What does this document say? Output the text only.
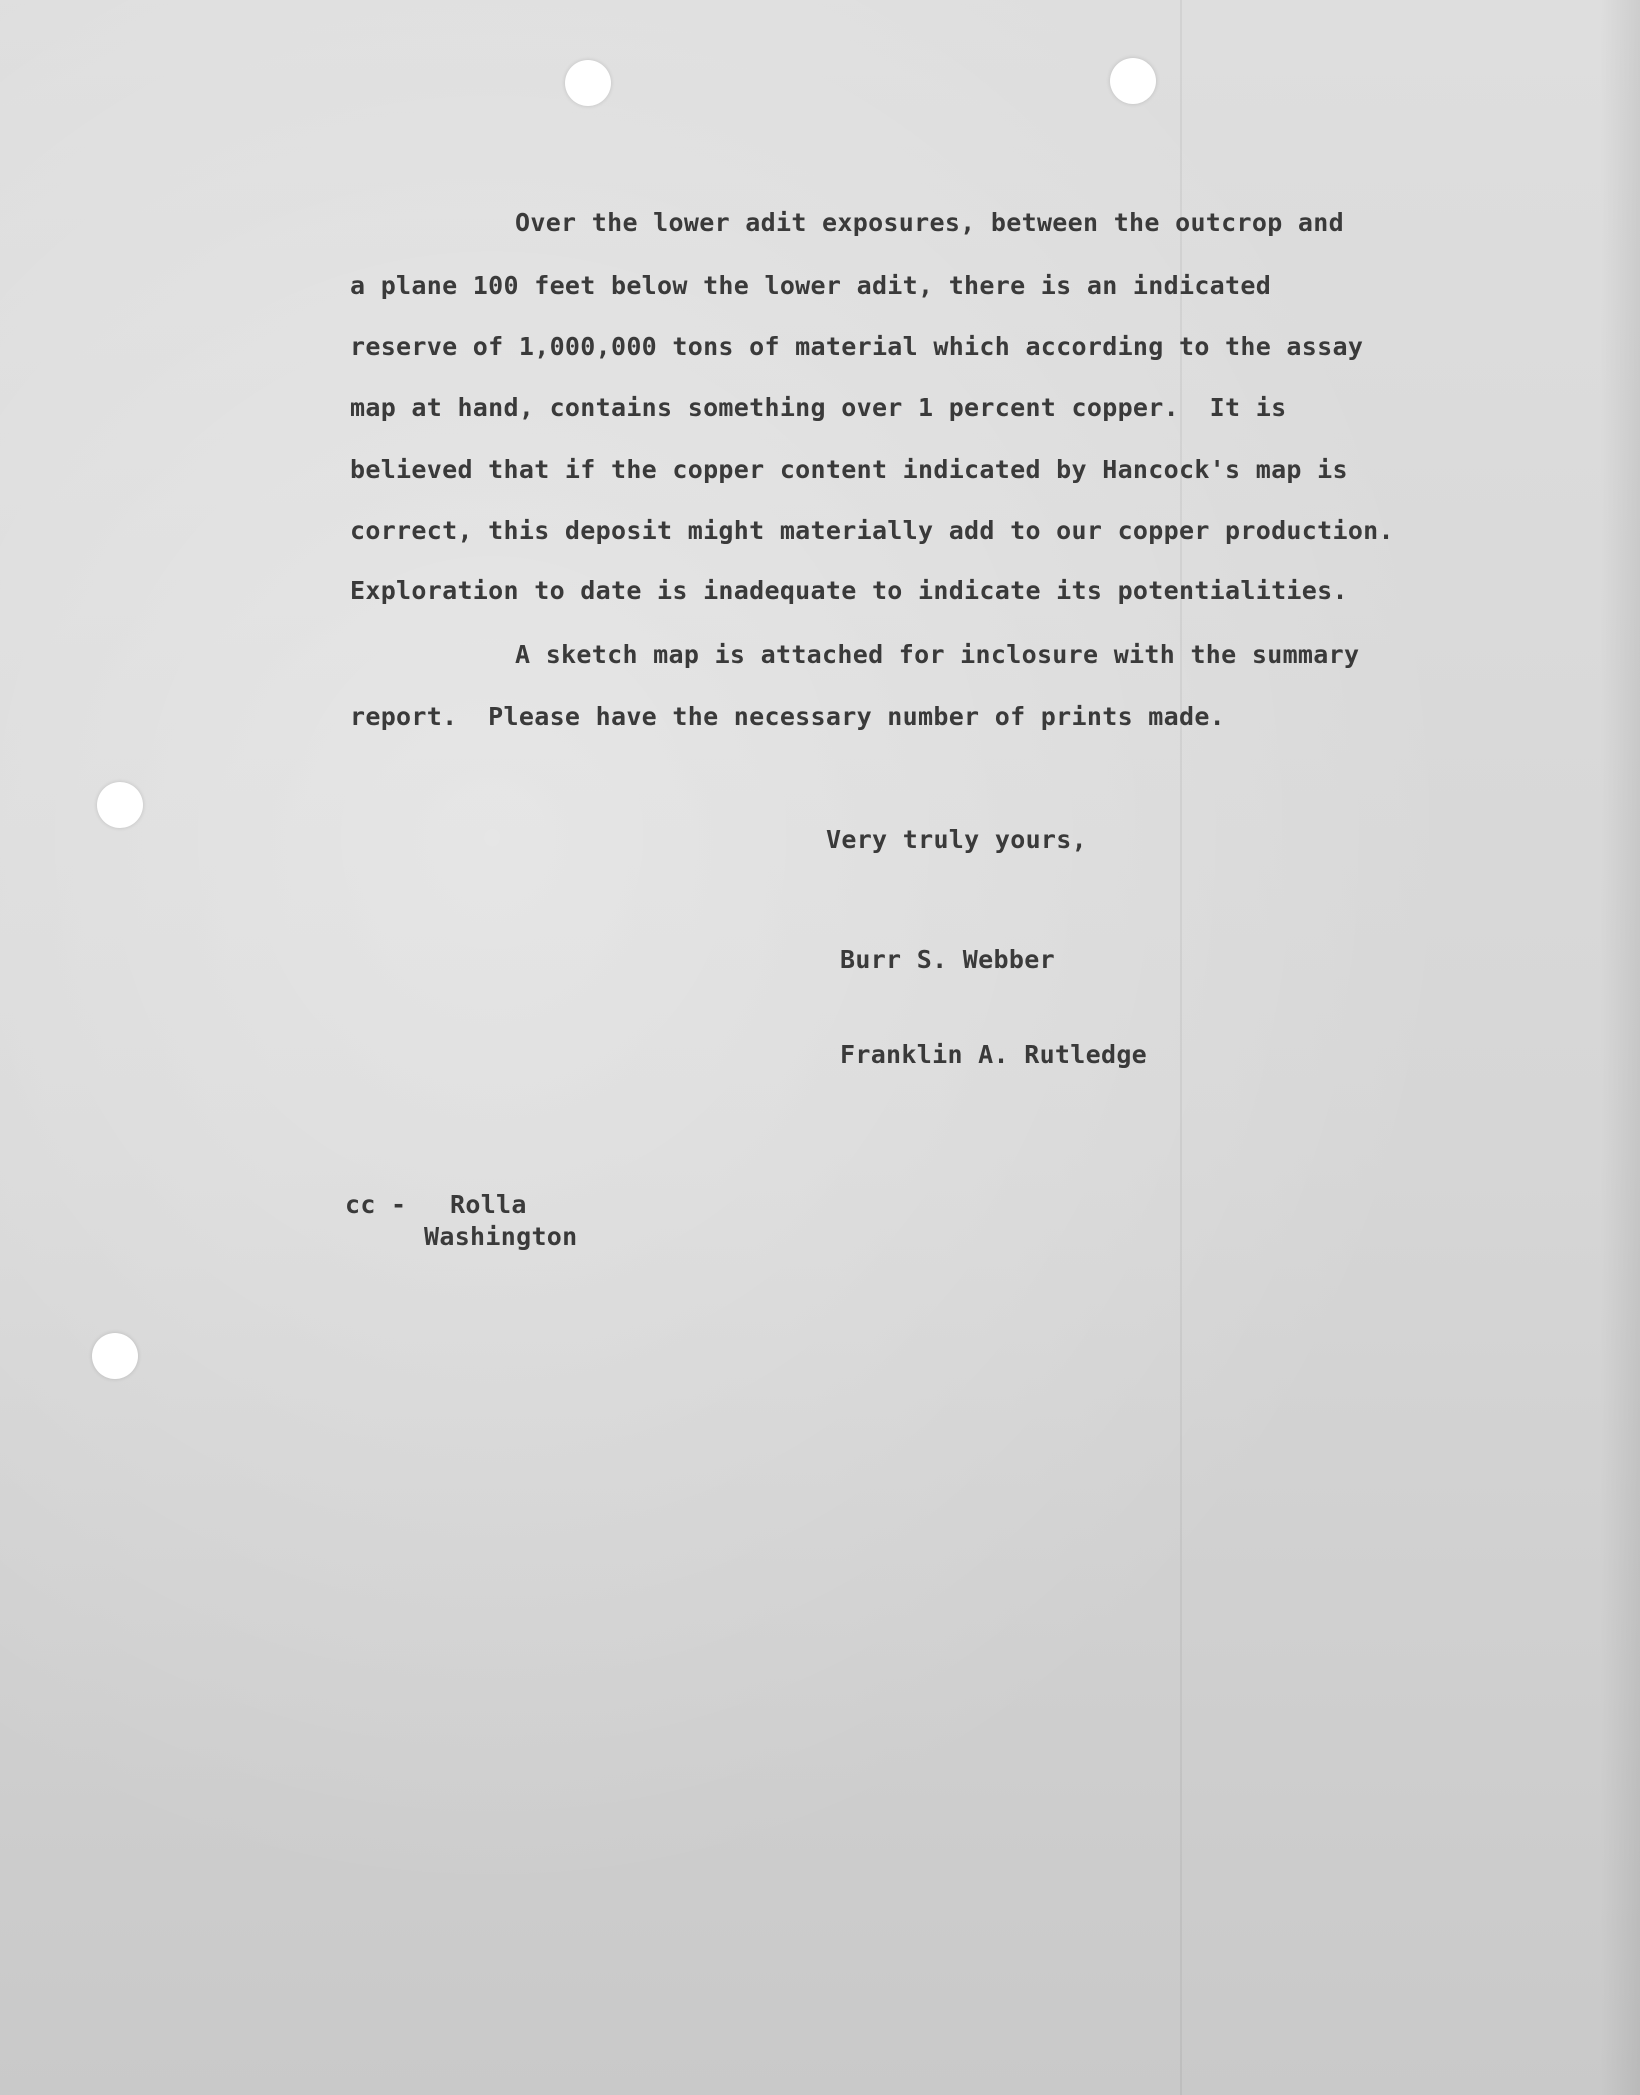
Over the lower adit exposures, between the outcrop and
a plane 100 feet below the lower adit, there is an indicated
reserve of 1,000,000 tons of material which according to the assay
map at hand, contains something over 1 percent copper.  It is
believed that if the copper content indicated by Hancock's map is
correct, this deposit might materially add to our copper production.
Exploration to date is inadequate to indicate its potentialities.
A sketch map is attached for inclosure with the summary
report.  Please have the necessary number of prints made.
Very truly yours,
Burr S. Webber
Franklin A. Rutledge
cc - Rolla
Washington
